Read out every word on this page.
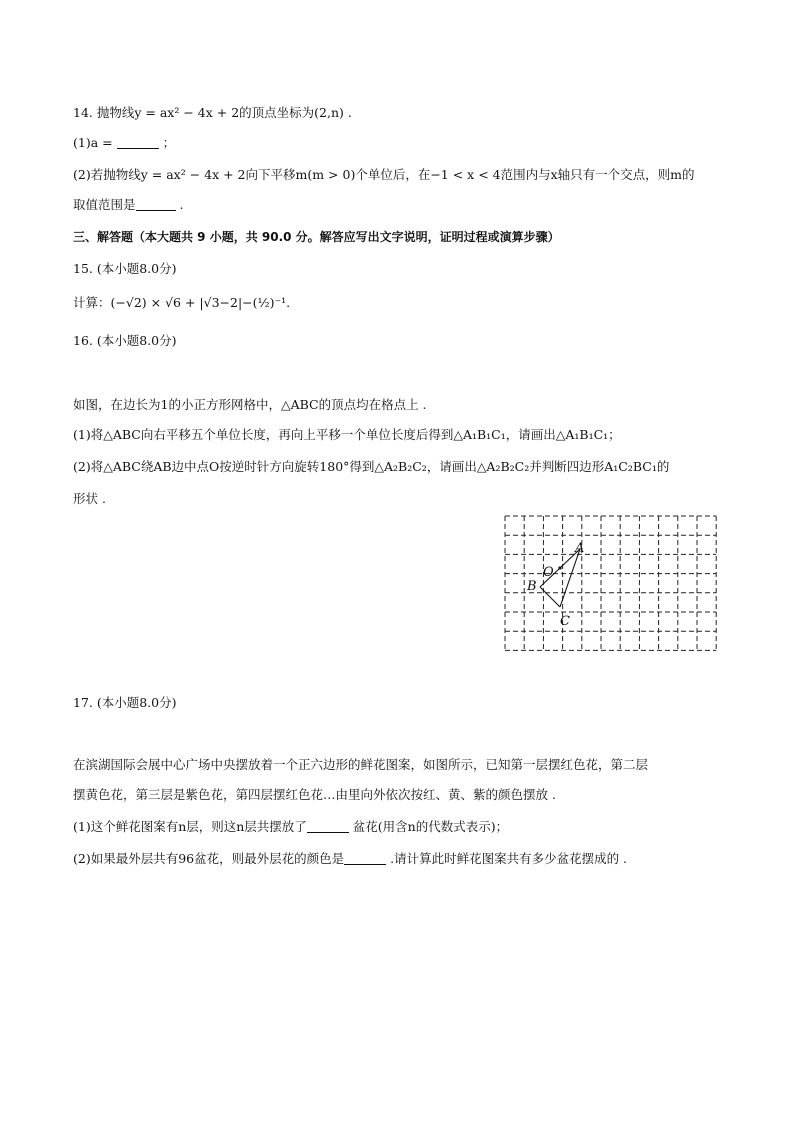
14. 抛物线y = ax² − 4x + 2的顶点坐标为(2,n) .
(1)a =	；
(2)若抛物线y = ax² − 4x + 2向下平移m(m > 0)个单位后，在−1 < x < 4范围内与x轴只有一个交点，则m的
取值范围是	.
三、解答题（本大题共 9 小题，共 90.0 分。解答应写出文字说明，证明过程或演算步骤）
15. (本小题8.0分)
计算：(−√2) × √6 + |√3−2|−(½)⁻¹.
16. (本小题8.0分)
如图，在边长为1的小正方形网格中，△ABC的顶点均在格点上 .
(1)将△ABC向右平移五个单位长度，再向上平移一个单位长度后得到△A₁B₁C₁，请画出△A₁B₁C₁；
(2)将△ABC绕AB边中点O按逆时针方向旋转180°得到△A₂B₂C₂，请画出△A₂B₂C₂并判断四边形A₁C₂BC₁的
形状 .
A
B
C
O
17. (本小题8.0分)
在滨湖国际会展中心广场中央摆放着一个正六边形的鲜花图案，如图所示，已知第一层摆红色花，第二层
摆黄色花，第三层是紫色花，第四层摆红色花…由里向外依次按红、黄、紫的颜色摆放 .
(1)这个鲜花图案有n层，则这n层共摆放了	盆花(用含n的代数式表示)；
(2)如果最外层共有96盆花，则最外层花的颜色是	.请计算此时鲜花图案共有多少盆花摆成的 .
